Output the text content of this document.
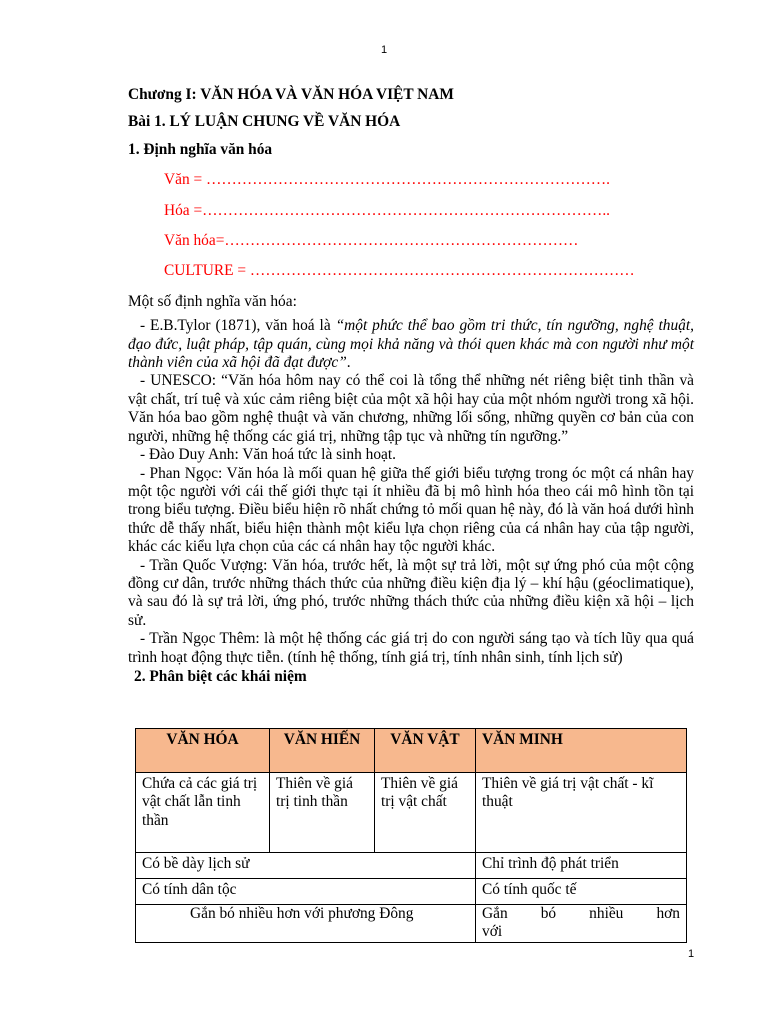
1

Chương I: VĂN HÓA VÀ VĂN HÓA VIỆT NAM

Bài 1. LÝ LUẬN CHUNG VỀ VĂN HÓA

1. Định nghĩa văn hóa

Văn = …………………………………………………………………….
Hóa =……………………………………………………………………..
Văn hóa=……………………………………………………………
CULTURE = …………………………………………………………………

Một số định nghĩa văn hóa:

- E.B.Tylor (1871), văn hoá là “một phức thể bao gồm tri thức, tín ngưỡng, nghệ thuật, đạo đức, luật pháp, tập quán, cùng mọi khả năng và thói quen khác mà con người như một thành viên của xã hội đã đạt được”.

- UNESCO: “Văn hóa hôm nay có thể coi là tổng thể những nét riêng biệt tinh thần và vật chất, trí tuệ và xúc cảm riêng biệt của một xã hội hay của một nhóm người trong xã hội. Văn hóa bao gồm nghệ thuật và văn chương, những lối sống, những quyền cơ bản của con người, những hệ thống các giá trị, những tập tục và những tín ngưỡng.”

- Đào Duy Anh: Văn hoá tức là sinh hoạt.

- Phan Ngọc: Văn hóa là mối quan hệ giữa thế giới biểu tượng trong óc một cá nhân hay một tộc người với cái thế giới thực tại ít nhiều đã bị mô hình hóa theo cái mô hình tồn tại trong biểu tượng. Điều biểu hiện rõ nhất chứng tỏ mối quan hệ này, đó là văn hoá dưới hình thức dễ thấy nhất, biểu hiện thành một kiểu lựa chọn riêng của cá nhân hay của tập người, khác các kiểu lựa chọn của các cá nhân hay tộc người khác.

- Trần Quốc Vượng: Văn hóa, trước hết, là một sự trả lời, một sự ứng phó của một cộng đồng cư dân, trước những thách thức của những điều kiện địa lý – khí hậu (géoclimatique), và sau đó là sự trả lời, ứng phó, trước những thách thức của những điều kiện xã hội – lịch sử.

- Trần Ngọc Thêm: là một hệ thống các giá trị do con người sáng tạo và tích lũy qua quá trình hoạt động thực tiễn. (tính hệ thống, tính giá trị, tính nhân sinh, tính lịch sử)

2. Phân biệt các khái niệm

VĂN HÓA	VĂN HIẾN	VĂN VẬT	VĂN MINH
Chứa cả các giá trị vật chất lẫn tinh thần	Thiên về giá trị tinh thần	Thiên về giá trị vật chất	Thiên về giá trị vật chất - kĩ thuật
Có bề dày lịch sử			Chỉ trình độ phát triển
Có tính dân tộc			Có tính quốc tế
Gắn bó nhiều hơn với phương Đông			Gắn bó nhiều hơn với
1
